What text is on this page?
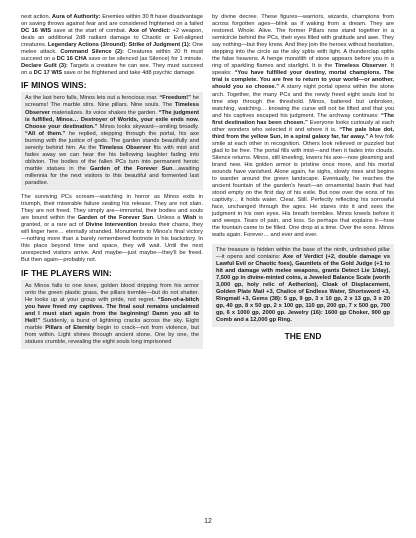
next action. Aura of Authority: Enemies within 30 ft have disadvantage on saving throws against fear and are considered frightened on a failed DC 16 WIS save at the start of combat. Axe of Verdict: +2 weapon, deals an additional 2d8 radiant damage to Chaotic or Evil-aligned creatures. Legendary Actions (3/round): Strike of Judgment (1): One melee attack. Command Silence (2): Creatures within 20 ft must succeed on a DC 16 CHA save or be silenced (as Silence) for 1 minute. Declare Guilt (3): Targets a creature he can see. They must succeed on a DC 17 WIS save or be frightened and take 4d8 psychic damage.

IF MINOS WINS:

As the last hero falls, Minos lets out a ferocious roar. “Freedom!” he screams! The marble stirs. Nine pillars. Nine souls. The Timeless Observer materializes. Its voice shakes the garden. “The judgment is fulfilled, Minos… Destroyer of Worlds, your exile ends now. Choose your destination.” Minos looks skyward—smiling broadly. “All of them.” he replied, stepping through the portal, his axe burning with the justice of gods. The garden stands beautifully and serenly behind him. As the Timeless Observer fits with mist and fades away we can hear the his bellowing laughter fading into oblivion. The bodies of the fallen PCs turn into permanent heroic marble statues in the Garden of the Forever Sun…awaiting millennia for the next visitors to this beautiful and formented last paradise.

The surviving PCs scream—watching in horror as Minos exits in triumph, their miserable failure sealing his release. They are not slain. They are not freed. They simply are—immortal, their bodies and souls are bound within the Garden of the Forever Sun. Unless a Wish is granted, or a rare act of Divine Intervention breaks their chains, they will linger here… eternally stranded. Monuments to Minos's final victory—nothing more than a barely remembered footnote in his backstory. In this place beyond time and space, they will wait. Until the next unexpected visitors arrive. And maybe—just maybe—they'll be freed. But then again—probably not.

IF THE PLAYERS WIN:

As Minos falls to one knee, golden blood dripping from his armor onto the green plastic grass, the pillars tremble—but do not shatter. He looks up at your group with pride, not regret. “Son-of-a-bitch you have freed my captives. The final soul remains unclaimed and I must start again from the beginning! Damn you all to Hell!” Suddenly, a burst of lightning cracks across the sky. Eight marble Pillars of Eternity begin to crack—not from violence, but from within. Light shines through ancient stone. One by one, the statues crumble, revealing the eight souls long imprisoned

by divine decree. These figures—warriors, wizards, champions from across forgotten ages—blink as if waking from a dream. They are restored. Whole. Alive. The former Pillars now stand together in a semicircle behind the PCs, their eyes filled with gratitude and awe. They say nothing—but they know. And they join the heroes without hesitation, stepping into the circle as the sky splits with light. A thunderclap splits the false heavens. A henge monolith of stone appears before you in a ring of sparkling flames and starlight. It is the Timeless Observer. It speaks: “You have fulfilled your destiny, mortal champions. The trial is complete. You are free to return to your world—or another, should you so choose.” A starry night portal opens within the stone arch. Together, the many PCs and the newly freed eight souls lost to time step through the threshold. Minos, battered but unbroken, watching, watching… knowing the curse will not be lifted and that you and his captives escaped his judgment. The archway continues: “The first destination has been chosen.” Everyone looks curiously at each other wonders who selected it and where it is. “The pale blue dot, third from the yellow Sun, in a spiral galaxy far, far away.” A few folk smile at each other in recognition. Others look relieved or puzzled but glad to be free. The portal fills with mist—and then it fades into clouds. Silence returns. Minos, still kneeling, lowers his axe—now gleaming and brand new. His golden armor is pristine once more, and his mortal wounds have vanished. Alone again, he sighs, slowly rises and begins to wander around the green landscape. Eventually, he reaches the ancient fountain of the garden's heart—an ornamental basin that had stood empty on the first day of his exile. But now over the eons of his captivity… it holds water. Clear. Still. Perfectly reflecting his sorrowful face, unchanged through the ages. He stares into it and sees the judgment in his own eyes. His breath trembles. Minos kneels before it and weeps. Tears of pain, and loss. So perhaps that explains it—how the fountain came to be filled. One drop at a time. Over the eons. Minos waits again. Forever… and ever and ever.

The treasure is hidden within the base of the ninth, unfinished pillar—it opens and contains: Axe of Verdict (+2, double damage vs Lawful Evil or Chaotic foes), Gauntlets of the Gold Judge (+1 to hit and damage with melee weapons, grants Detect Lie 1/day), 7,500 gp in divine-minted coins, a Jeweled Balance Scale (worth 3,000 gp, holy relic of Aetherion), Cloak of Displacement, Golden Plate Mail +3, Chalice of Endless Water, Shortsword +3, Ringmail +3, Gems (38): 5 gp, 9 gp, 3 x 10 gp, 2 x 13 gp, 3 x 20 gp, 40 gp, 8 x 50 gp, 2 x 100 gp, 110 gp, 200 gp, 7 x 500 gp, 700 gp, 6 x 1000 gp, 2000 gp. Jewelry (16): 1600 gp Choker, 900 gp Comb and a 12,000 gp Ring.

THE END
12
